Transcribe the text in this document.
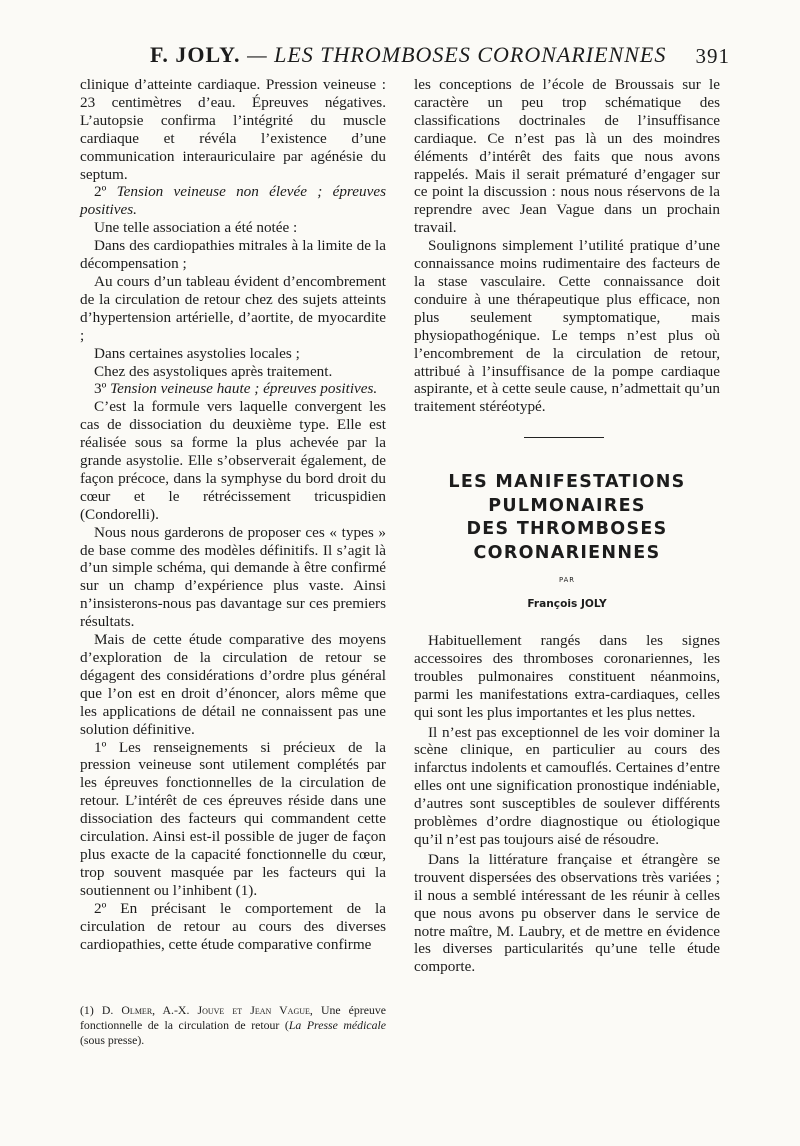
F. JOLY. — LES THROMBOSES CORONARIENNES 391

clinique d’atteinte cardiaque. Pression veineuse : 23 centimètres d’eau. Épreuves négatives. L’autopsie confirma l’intégrité du muscle cardiaque et révéla l’existence d’une communication interauriculaire par agénésie du septum.

2º Tension veineuse non élevée ; épreuves positives.

Une telle association a été notée :

Dans des cardiopathies mitrales à la limite de la décompensation ;

Au cours d’un tableau évident d’encombrement de la circulation de retour chez des sujets atteints d’hypertension artérielle, d’aortite, de myocardite ;

Dans certaines asystolies locales ;

Chez des asystoliques après traitement.

3º Tension veineuse haute ; épreuves positives.

C’est la formule vers laquelle convergent les cas de dissociation du deuxième type. Elle est réalisée sous sa forme la plus achevée par la grande asystolie. Elle s’observerait également, de façon précoce, dans la symphyse du bord droit du cœur et le rétrécissement tricuspidien (Condorelli).

Nous nous garderons de proposer ces « types » de base comme des modèles définitifs. Il s’agit là d’un simple schéma, qui demande à être confirmé sur un champ d’expérience plus vaste. Ainsi n’insisterons-nous pas davantage sur ces premiers résultats.

Mais de cette étude comparative des moyens d’exploration de la circulation de retour se dégagent des considérations d’ordre plus général que l’on est en droit d’énoncer, alors même que les applications de détail ne connaissent pas une solution définitive.

1º Les renseignements si précieux de la pression veineuse sont utilement complétés par les épreuves fonctionnelles de la circulation de retour. L’intérêt de ces épreuves réside dans une dissociation des facteurs qui commandent cette circulation. Ainsi est-il possible de juger de façon plus exacte de la capacité fonctionnelle du cœur, trop souvent masquée par les facteurs qui la soutiennent ou l’inhibent (1).

2º En précisant le comportement de la circulation de retour au cours des diverses cardiopathies, cette étude comparative confirme

(1) D. Olmer, A.-X. Jouve et Jean Vague, Une épreuve fonctionnelle de la circulation de retour (La Presse médicale (sous presse).

les conceptions de l’école de Broussais sur le caractère un peu trop schématique des classifications doctrinales de l’insuffisance cardiaque. Ce n’est pas là un des moindres éléments d’intérêt des faits que nous avons rappelés. Mais il serait prématuré d’engager sur ce point la discussion : nous nous réservons de la reprendre avec Jean Vague dans un prochain travail.

Soulignons simplement l’utilité pratique d’une connaissance moins rudimentaire des facteurs de la stase vasculaire. Cette connaissance doit conduire à une thérapeutique plus efficace, non plus seulement symptomatique, mais physiopathogénique. Le temps n’est plus où l’encombrement de la circulation de retour, attribué à l’insuffisance de la pompe cardiaque aspirante, et à cette seule cause, n’admettait qu’un traitement stéréotypé.

LES MANIFESTATIONS
PULMONAIRES
DES THROMBOSES
CORONARIENNES
PAR
François JOLY

Habituellement rangés dans les signes accessoires des thromboses coronariennes, les troubles pulmonaires constituent néanmoins, parmi les manifestations extra-cardiaques, celles qui sont les plus importantes et les plus nettes.

Il n’est pas exceptionnel de les voir dominer la scène clinique, en particulier au cours des infarctus indolents et camouflés. Certaines d’entre elles ont une signification pronostique indéniable, d’autres sont susceptibles de soulever différents problèmes d’ordre diagnostique ou étiologique qu’il n’est pas toujours aisé de résoudre.

Dans la littérature française et étrangère se trouvent dispersées des observations très variées ; il nous a semblé intéressant de les réunir à celles que nous avons pu observer dans le service de notre maître, M. Laubry, et de mettre en évidence les diverses particularités qu’une telle étude comporte.
